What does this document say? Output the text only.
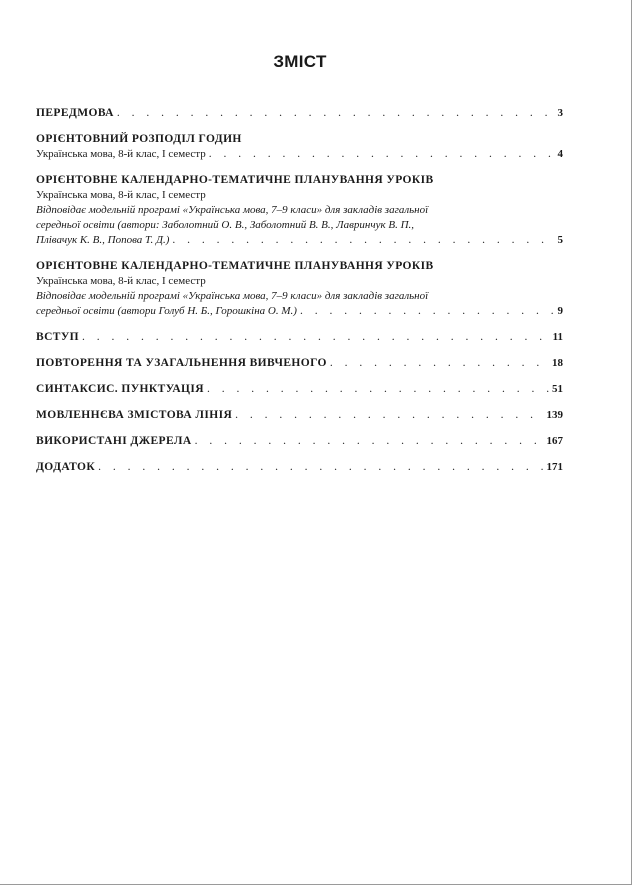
ЗМІСТ
ПЕРЕДМОВА . . .	3
ОРІЄНТОВНИЙ РОЗПОДІЛ ГОДИН
Українська мова, 8-й клас, І семестр . . .	4
ОРІЄНТОВНЕ КАЛЕНДАРНО-ТЕМАТИЧНЕ ПЛАНУВАННЯ УРОКІВ
Українська мова, 8-й клас, І семестр
Відповідає модельній програмі «Українська мова, 7–9 класи» для закладів загальної
середньої освіти (автори: Заболотний О. В., Заболотний В. В., Лавринчук В. П.,
Плівачук К. В., Попова Т. Д.) . . .	5
ОРІЄНТОВНЕ КАЛЕНДАРНО-ТЕМАТИЧНЕ ПЛАНУВАННЯ УРОКІВ
Українська мова, 8-й клас, І семестр
Відповідає модельній програмі «Українська мова, 7–9 класи» для закладів загальної
середньої освіти (автори Голуб Н. Б., Горошкіна О. М.) . . .	9
ВСТУП . . .	11
ПОВТОРЕННЯ ТА УЗАГАЛЬНЕННЯ ВИВЧЕНОГО . . .	18
СИНТАКСИС. ПУНКТУАЦІЯ . . .	51
МОВЛЕННЄВА ЗМІСТОВА ЛІНІЯ . . .	139
ВИКОРИСТАНІ ДЖЕРЕЛА . . .	167
ДОДАТОК . . .	171
